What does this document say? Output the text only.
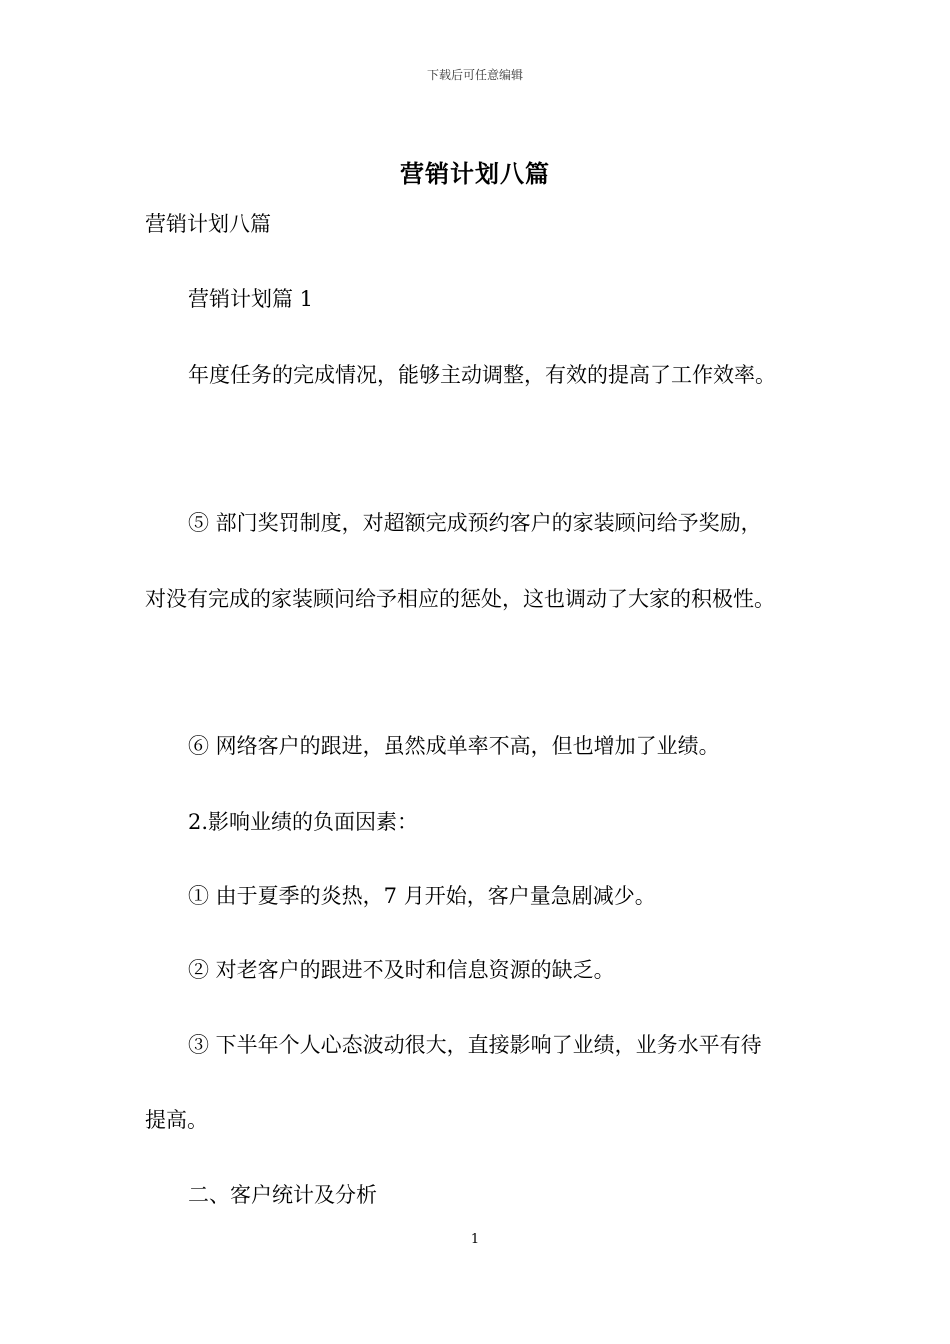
下载后可任意编辑
营销计划八篇

营销计划八篇

营销计划篇 1

年度任务的完成情况，能够主动调整，有效的提高了工作效率。

⑤ 部门奖罚制度，对超额完成预约客户的家装顾问给予奖励，

对没有完成的家装顾问给予相应的惩处，这也调动了大家的积极性。

⑥ 网络客户的跟进，虽然成单率不高，但也增加了业绩。

2.影响业绩的负面因素：

① 由于夏季的炎热，7 月开始，客户量急剧减少。

② 对老客户的跟进不及时和信息资源的缺乏。

③ 下半年个人心态波动很大，直接影响了业绩，业务水平有待

提高。

二、客户统计及分析

1
